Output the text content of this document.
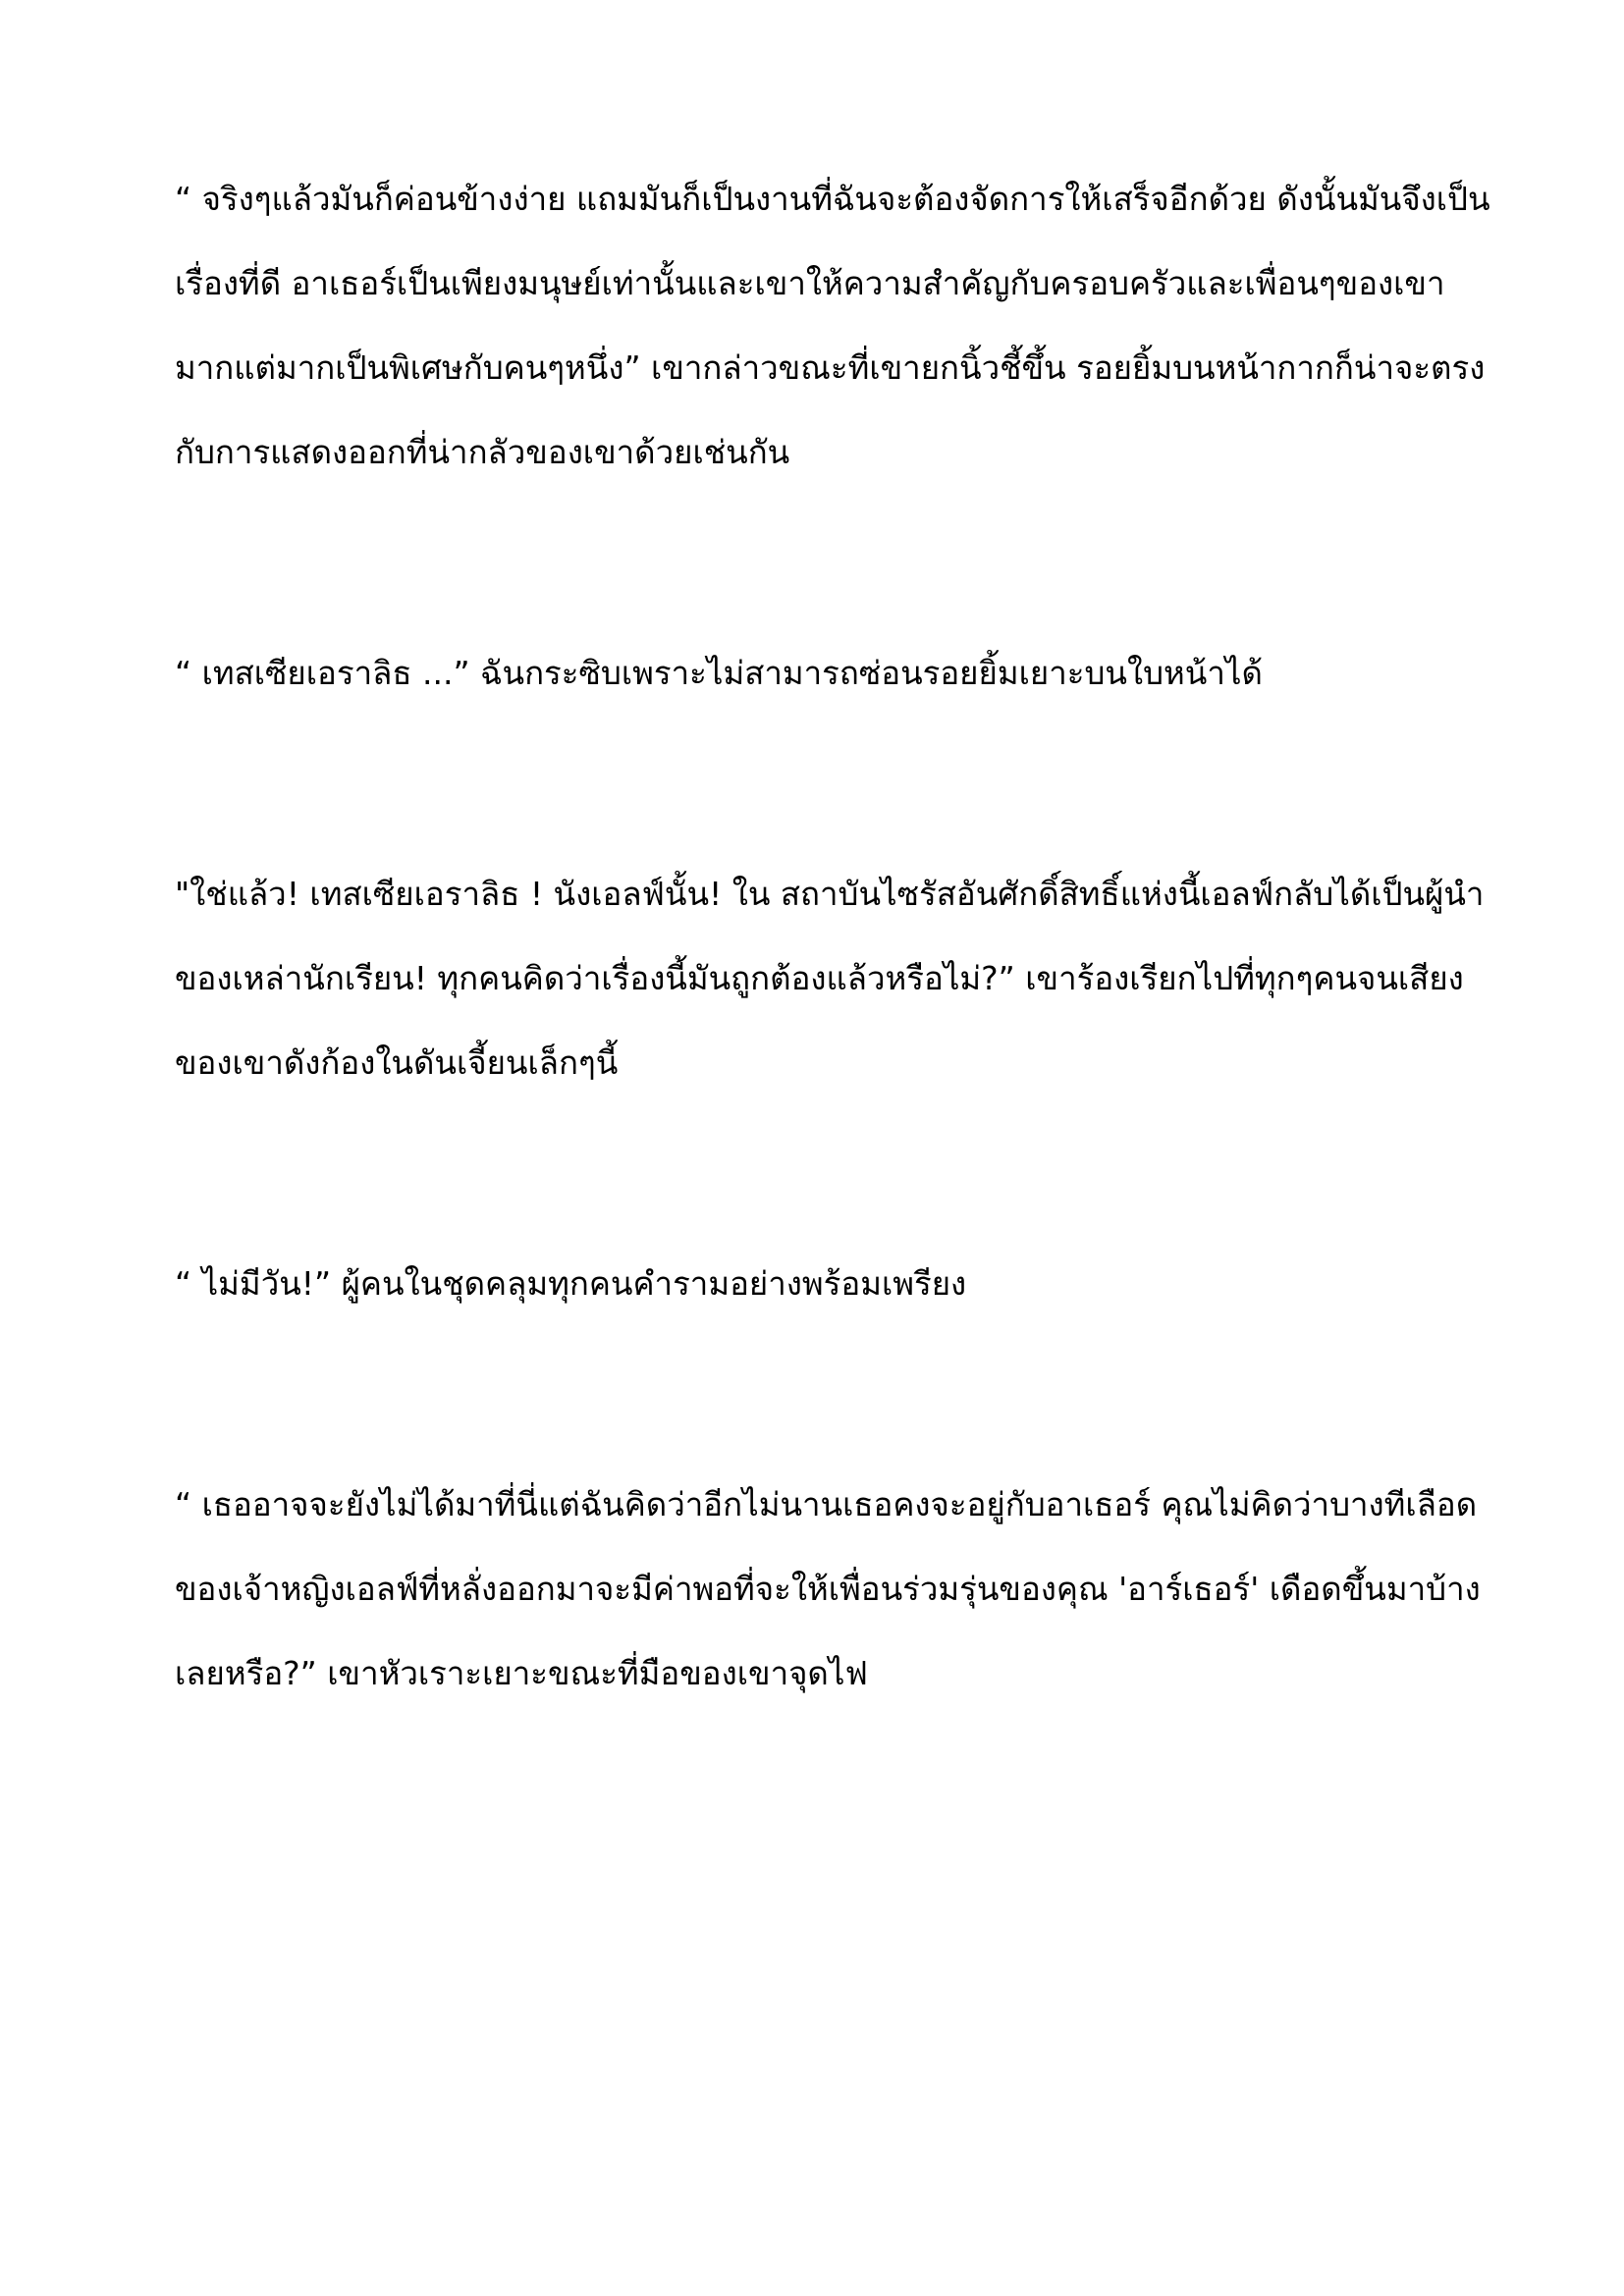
“ จริงๆแล้วมันก็ค่อนข้างง่าย แถมมันก็เป็นงานที่ฉันจะต้องจัดการให้เสร็จอีกด้วย ดังนั้นมันจึงเป็นเรื่องที่ดี อาเธอร์เป็นเพียงมนุษย์เท่านั้นและเขาให้ความสำคัญกับครอบครัวและเพื่อนๆของเขามากแต่มากเป็นพิเศษกับคนๆหนึ่ง” เขากล่าวขณะที่เขายกนิ้วชี้ขึ้น รอยยิ้มบนหน้ากากก็น่าจะตรงกับการแสดงออกที่น่ากลัวของเขาด้วยเช่นกัน

“ เทสเซียเอราลิธ ...” ฉันกระซิบเพราะไม่สามารถซ่อนรอยยิ้มเยาะบนใบหน้าได้

"ใช่แล้ว! เทสเซียเอราลิธ ! นังเอลฟ์นั้น! ใน สถาบันไซรัสอันศักดิ์สิทธิ์แห่งนี้เอลฟ์กลับได้เป็นผู้นำของเหล่านักเรียน! ทุกคนคิดว่าเรื่องนี้มันถูกต้องแล้วหรือไม่?” เขาร้องเรียกไปที่ทุกๆคนจนเสียงของเขาดังก้องในดันเจี้ยนเล็กๆนี้

“ ไม่มีวัน!” ผู้คนในชุดคลุมทุกคนคำรามอย่างพร้อมเพรียง

“ เธออาจจะยังไม่ได้มาที่นี่แต่ฉันคิดว่าอีกไม่นานเธอคงจะอยู่กับอาเธอร์ คุณไม่คิดว่าบางทีเลือดของเจ้าหญิงเอลฟ์ที่หลั่งออกมาจะมีค่าพอที่จะให้เพื่อนร่วมรุ่นของคุณ 'อาร์เธอร์' เดือดขึ้นมาบ้างเลยหรือ?” เขาหัวเราะเยาะขณะที่มือของเขาจุดไฟ
